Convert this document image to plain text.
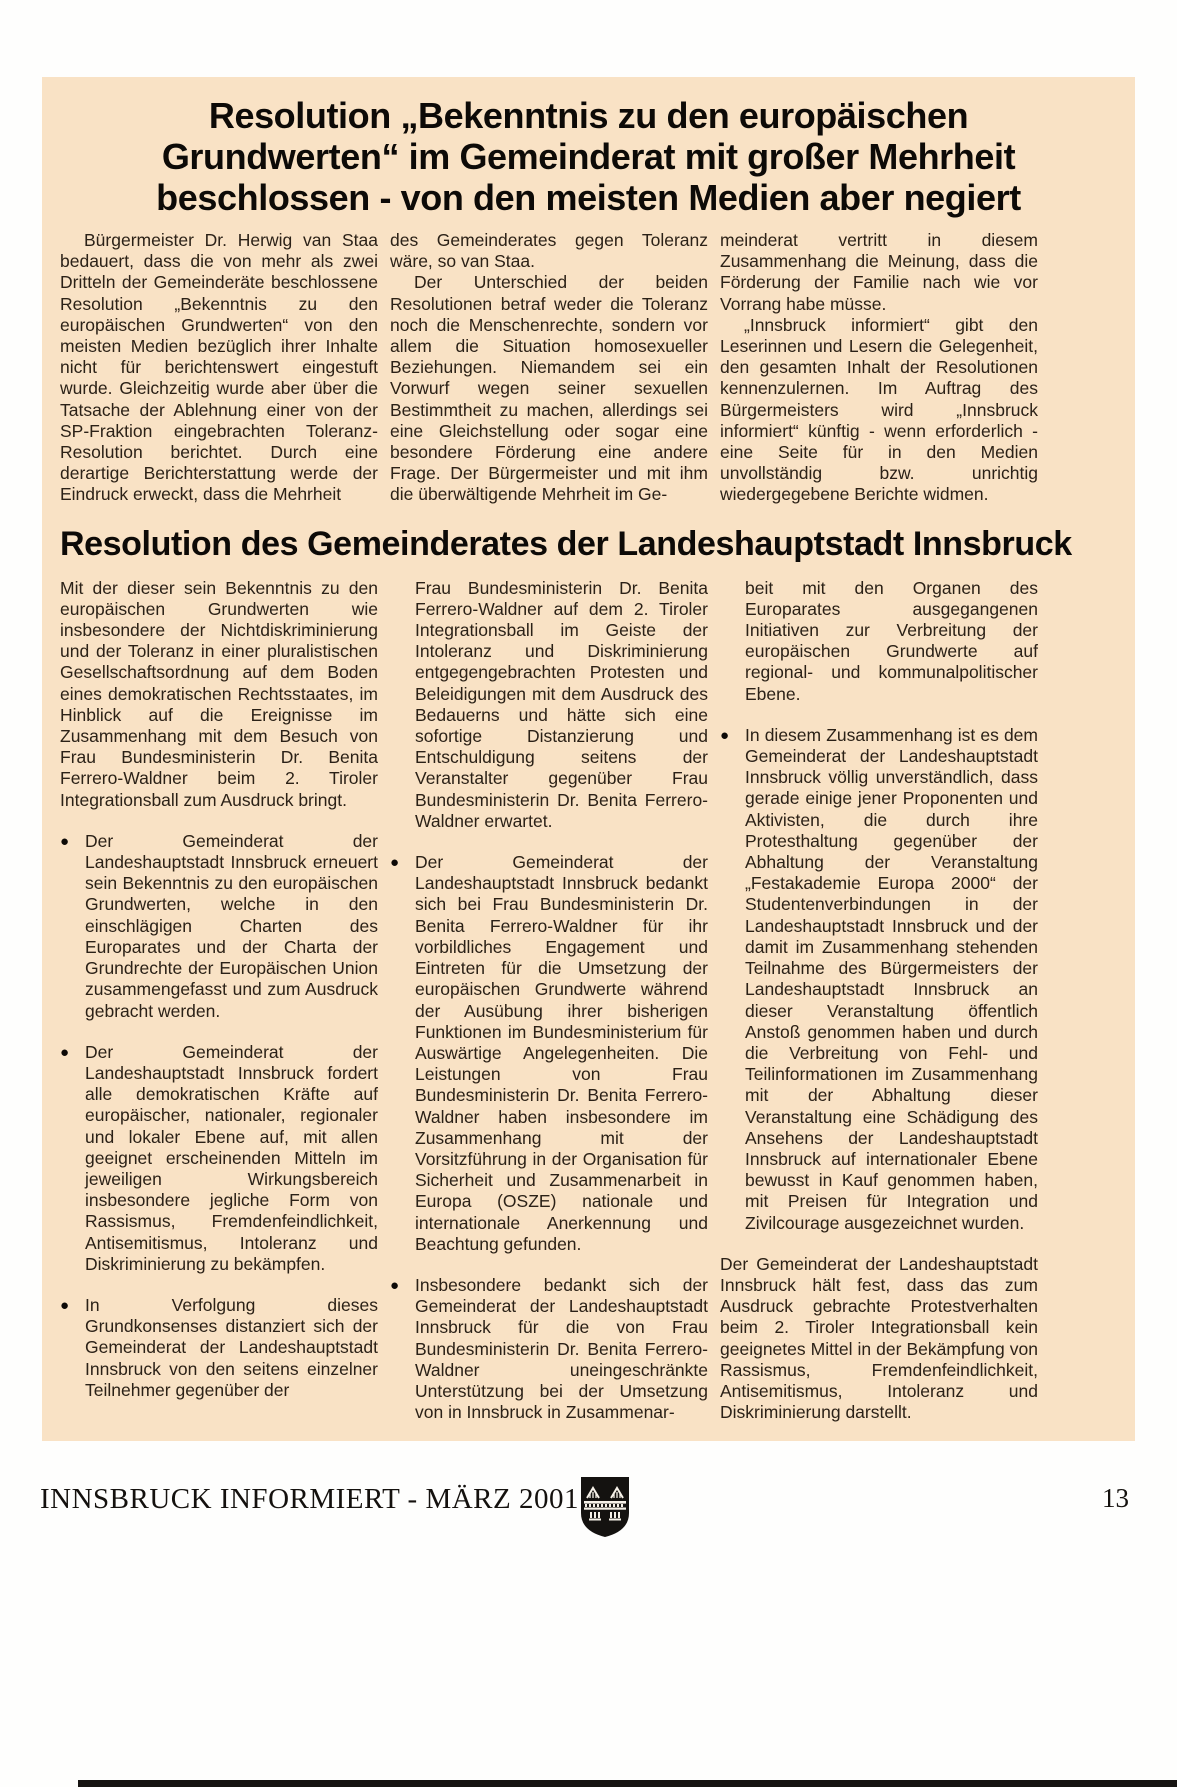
Resolution „Bekenntnis zu den europäischen
Grundwerten“ im Gemeinderat mit großer Mehrheit
beschlossen - von den meisten Medien aber negiert

Bürgermeister Dr. Herwig van Staa bedauert, dass die von mehr als zwei Dritteln der Gemeinderäte beschlossene Resolution „Bekenntnis zu den europäischen Grundwerten“ von den meisten Medien bezüglich ihrer Inhalte nicht für berichtenswert eingestuft wurde. Gleichzeitig wurde aber über die Tatsache der Ablehnung einer von der SP-Fraktion eingebrachten Toleranz-Resolution berichtet. Durch eine derartige Berichterstattung werde der Eindruck erweckt, dass die Mehrheit

des Gemeinderates gegen Toleranz wäre, so van Staa.

Der Unterschied der beiden Resolutionen betraf weder die Toleranz noch die Menschenrechte, sondern vor allem die Situation homosexueller Beziehungen. Niemandem sei ein Vorwurf wegen seiner sexuellen Bestimmtheit zu machen, allerdings sei eine Gleichstellung oder sogar eine besondere Förderung eine andere Frage. Der Bürgermeister und mit ihm die überwältigende Mehrheit im Ge-

meinderat vertritt in diesem Zusammenhang die Meinung, dass die Förderung der Familie nach wie vor Vorrang habe müsse.

„Innsbruck informiert“ gibt den Leserinnen und Lesern die Gelegenheit, den gesamten Inhalt der Resolutionen kennenzulernen. Im Auftrag des Bürgermeisters wird „Innsbruck informiert“ künftig - wenn erforderlich - eine Seite für in den Medien unvollständig bzw. unrichtig wiedergegebene Berichte widmen.

Resolution des Gemeinderates der Landeshauptstadt Innsbruck

Mit der dieser sein Bekenntnis zu den europäischen Grundwerten wie insbesondere der Nichtdiskriminierung und der Toleranz in einer pluralistischen Gesellschaftsordnung auf dem Boden eines demokratischen Rechtsstaates, im Hinblick auf die Ereignisse im Zusammenhang mit dem Besuch von Frau Bundesministerin Dr. Benita Ferrero-Waldner beim 2. Tiroler Integrationsball zum Ausdruck bringt.

●

Der Gemeinderat der Landeshauptstadt Innsbruck erneuert sein Bekenntnis zu den europäischen Grundwerten, welche in den einschlägigen Charten des Europarates und der Charta der Grundrechte der Europäischen Union zusammengefasst und zum Ausdruck gebracht werden.

●

Der Gemeinderat der Landeshauptstadt Innsbruck fordert alle demokratischen Kräfte auf europäischer, nationaler, regionaler und lokaler Ebene auf, mit allen geeignet erscheinenden Mitteln im jeweiligen Wirkungsbereich insbesondere jegliche Form von Rassismus, Fremdenfeindlichkeit, Antisemitismus, Intoleranz und Diskriminierung zu bekämpfen.

●

In Verfolgung dieses Grundkonsenses distanziert sich der Gemeinderat der Landeshauptstadt Innsbruck von den seitens einzelner Teilnehmer gegenüber der

Frau Bundesministerin Dr. Benita Ferrero-Waldner auf dem 2. Tiroler Integrationsball im Geiste der Intoleranz und Diskriminierung entgegengebrachten Protesten und Beleidigungen mit dem Ausdruck des Bedauerns und hätte sich eine sofortige Distanzierung und Entschuldigung seitens der Veranstalter gegenüber Frau Bundesministerin Dr. Benita Ferrero-Waldner erwartet.

●

Der Gemeinderat der Landeshauptstadt Innsbruck bedankt sich bei Frau Bundesministerin Dr. Benita Ferrero-Waldner für ihr vorbildliches Engagement und Eintreten für die Umsetzung der europäischen Grundwerte während der Ausübung ihrer bisherigen Funktionen im Bundesministerium für Auswärtige Angelegenheiten. Die Leistungen von Frau Bundesministerin Dr. Benita Ferrero-Waldner haben insbesondere im Zusammenhang mit der Vorsitzführung in der Organisation für Sicherheit und Zusammenarbeit in Europa (OSZE) nationale und internationale Anerkennung und Beachtung gefunden.

●

Insbesondere bedankt sich der Gemeinderat der Landeshauptstadt Innsbruck für die von Frau Bundesministerin Dr. Benita Ferrero-Waldner uneingeschränkte Unterstützung bei der Umsetzung von in Innsbruck in Zusammenar-

beit mit den Organen des Europarates ausgegangenen Initiativen zur Verbreitung der europäischen Grundwerte auf regional- und kommunalpolitischer Ebene.

●

In diesem Zusammenhang ist es dem Gemeinderat der Landeshauptstadt Innsbruck völlig unverständlich, dass gerade einige jener Proponenten und Aktivisten, die durch ihre Protesthaltung gegenüber der Abhaltung der Veranstaltung „Festakademie Europa 2000“ der Studentenverbindungen in der Landeshauptstadt Innsbruck und der damit im Zusammenhang stehenden Teilnahme des Bürgermeisters der Landeshauptstadt Innsbruck an dieser Veranstaltung öffentlich Anstoß genommen haben und durch die Verbreitung von Fehl- und Teilinformationen im Zusammenhang mit der Abhaltung dieser Veranstaltung eine Schädigung des Ansehens der Landeshauptstadt Innsbruck auf internationaler Ebene bewusst in Kauf genommen haben, mit Preisen für Integration und Zivilcourage ausgezeichnet wurden.

Der Gemeinderat der Landeshauptstadt Innsbruck hält fest, dass das zum Ausdruck gebrachte Protestverhalten beim 2. Tiroler Integrationsball kein geeignetes Mittel in der Bekämpfung von Rassismus, Fremdenfeindlichkeit, Antisemitismus, Intoleranz und Diskriminierung darstellt.

INNSBRUCK INFORMIERT - MÄRZ 2001	13
